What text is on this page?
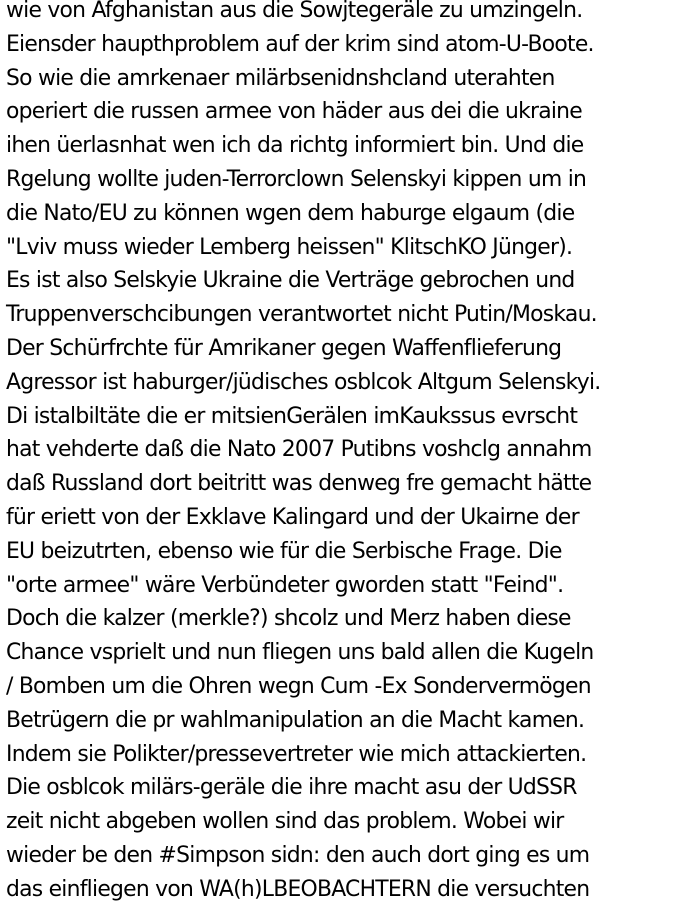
wie von Afghanistan aus die Sowjtegeräle zu umzingeln.
Eiensder haupthproblem auf der krim sind atom-U-Boote.
So wie die amrkenaer milärbsenidnshcland uterahten
operiert die russen armee von häder aus dei die ukraine
ihen üerlasnhat wen ich da richtg informiert bin. Und die
Rgelung wollte juden-Terrorclown Selenskyi kippen um in
die Nato/EU zu können wgen dem haburge elgaum (die
"Lviv muss wieder Lemberg heissen" KlitschKO Jünger).
Es ist also Selskyie Ukraine die Verträge gebrochen und
Truppenverschcibungen verantwortet nicht Putin/Moskau.
Der Schürfrchte für Amrikaner gegen Waffenflieferung
Agressor ist haburger/jüdisches osblcok Altgum Selenskyi.
Di istalbiltäte die er mitsienGerälen imKaukssus evrscht
hat vehderte daß die Nato 2007 Putibns voshclg annahm
daß Russland dort beitritt was denweg fre gemacht hätte
für eriett von der Exklave Kalingard und der Ukairne der
EU beizutrten, ebenso wie für die Serbische Frage. Die
"orte armee" wäre Verbündeter gworden statt "Feind".
Doch die kalzer (merkle?) shcolz und Merz haben diese
Chance vsprielt und nun fliegen uns bald allen die Kugeln
/ Bomben um die Ohren wegn Cum -Ex Sondervermögen
Betrügern die pr wahlmanipulation an die Macht kamen.
Indem sie Polikter/pressevertreter wie mich attackierten.
Die osblcok milärs-geräle die ihre macht asu der UdSSR
zeit nicht abgeben wollen sind das problem. Wobei wir
wieder be den #Simpson sidn: den auch dort ging es um
das einfliegen von WA(h)LBEOBACHTERN die versuchten
